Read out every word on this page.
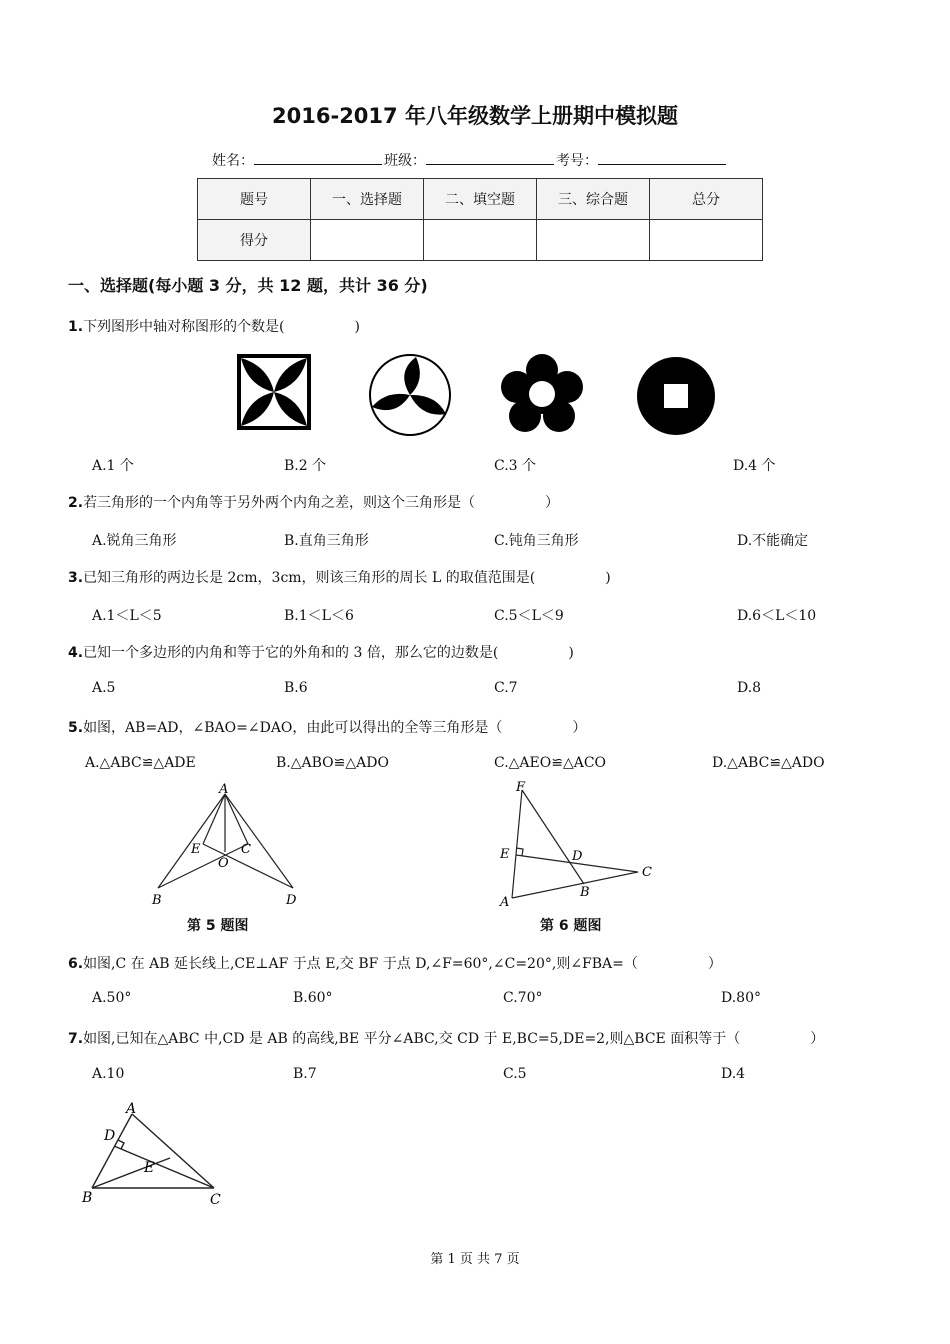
2016-2017 年八年级数学上册期中模拟题
姓名：	班级：	考号：
题号	一、选择题	二、填空题	三、综合题	总分
得分				
一、选择题(每小题 3 分，共 12 题，共计 36 分)
1.下列图形中轴对称图形的个数是(　　　　　)
A.1 个	B.2 个	C.3 个	D.4 个
2.若三角形的一个内角等于另外两个内角之差，则这个三角形是（　　　　　）
A.锐角三角形	B.直角三角形	C.钝角三角形	D.不能确定
3.已知三角形的两边长是 2cm，3cm，则该三角形的周长 L 的取值范围是(　　　　　)
A.1＜L＜5	B.1＜L＜6	C.5＜L＜9	D.6＜L＜10
4.已知一个多边形的内角和等于它的外角和的 3 倍，那么它的边数是(　　　　　)
A.5	B.6	C.7	D.8
5.如图，AB=AD，∠BAO=∠DAO，由此可以得出的全等三角形是（　　　　　）
A.△ABC≌△ADE	B.△ABO≌△ADO	C.△AEO≌△ACO	D.△ABC≌△ADO
A
E	C
O
B	D
第 5 题图
F
E	D
C
B
A
第 6 题图
6.如图,C 在 AB 延长线上,CE⊥AF 于点 E,交 BF 于点 D,∠F=60°,∠C=20°,则∠FBA=（　　　　　）
A.50°	B.60°	C.70°	D.80°
7.如图,已知在△ABC 中,CD 是 AB 的高线,BE 平分∠ABC,交 CD 于 E,BC=5,DE=2,则△BCE 面积等于（　　　　　）
A.10	B.7	C.5	D.4
A
D
E
B	C
第 1 页 共 7 页
